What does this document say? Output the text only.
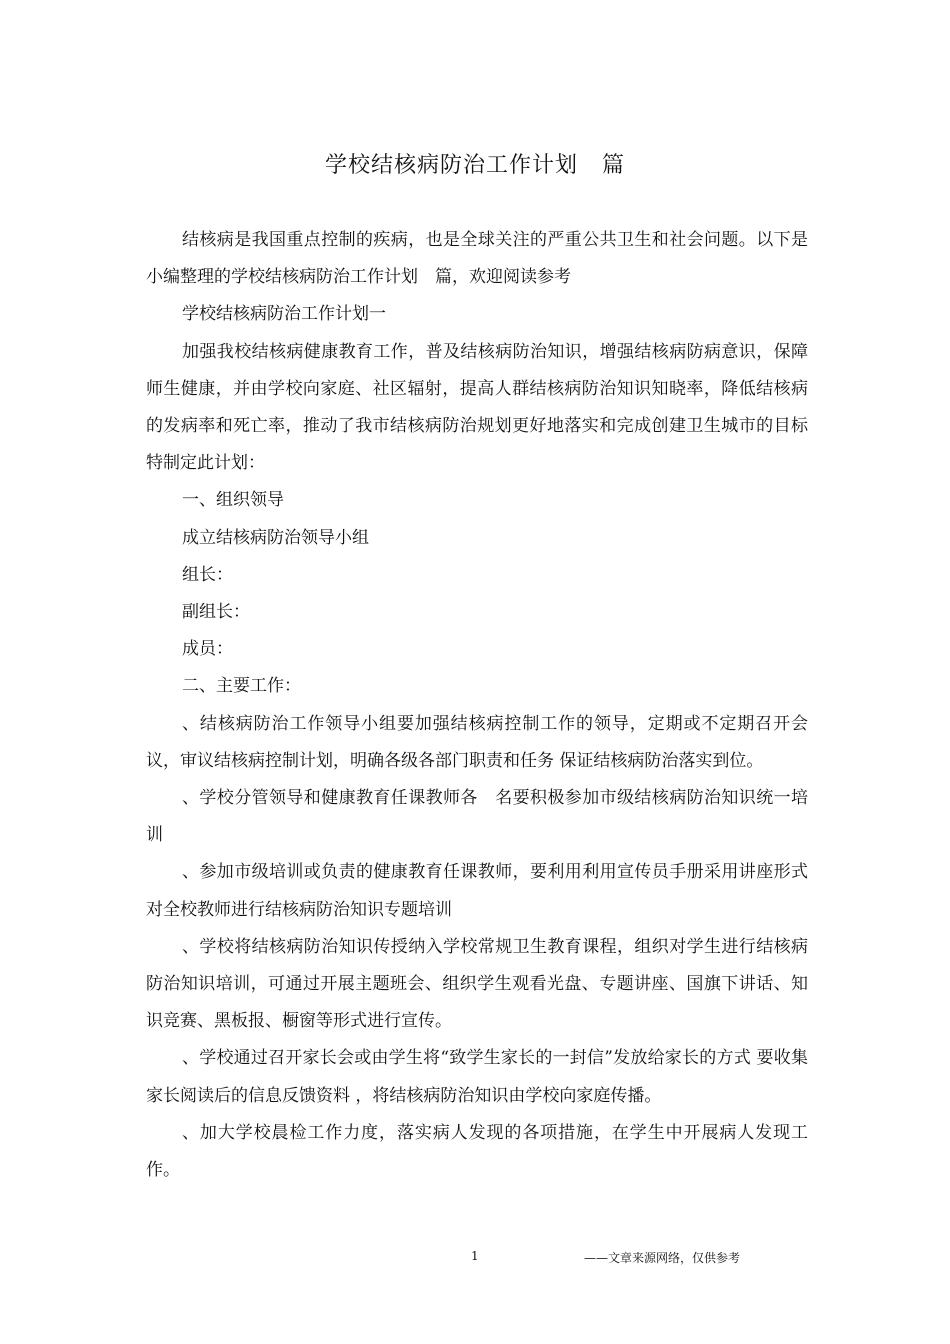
学校结核病防治工作计划 篇

结核病是我国重点控制的疾病，也是全球关注的严重公共卫生和社会问题。以下是小编整理的学校结核病防治工作计划　篇，欢迎阅读参考

学校结核病防治工作计划一

加强我校结核病健康教育工作，普及结核病防治知识，增强结核病防病意识，保障师生健康，并由学校向家庭、社区辐射，提高人群结核病防治知识知晓率，降低结核病的发病率和死亡率，推动了我市结核病防治规划更好地落实和完成创建卫生城市的目标特制定此计划：

一、组织领导

成立结核病防治领导小组

组长：

副组长：

成员：

二、主要工作：

、结核病防治工作领导小组要加强结核病控制工作的领导，定期或不定期召开会议，审议结核病控制计划，明确各级各部门职责和任务 保证结核病防治落实到位。

、学校分管领导和健康教育任课教师各　名要积极参加市级结核病防治知识统一培训

、参加市级培训或负责的健康教育任课教师，要利用利用宣传员手册采用讲座形式对全校教师进行结核病防治知识专题培训

、学校将结核病防治知识传授纳入学校常规卫生教育课程，组织对学生进行结核病防治知识培训，可通过开展主题班会、组织学生观看光盘、专题讲座、国旗下讲话、知识竞赛、黑板报、橱窗等形式进行宣传。

、学校通过召开家长会或由学生将“致学生家长的一封信”发放给家长的方式 要收集家长阅读后的信息反馈资料 ，将结核病防治知识由学校向家庭传播。

、加大学校晨检工作力度，落实病人发现的各项措施，在学生中开展病人发现工作。

1	——文章来源网络，仅供参考
